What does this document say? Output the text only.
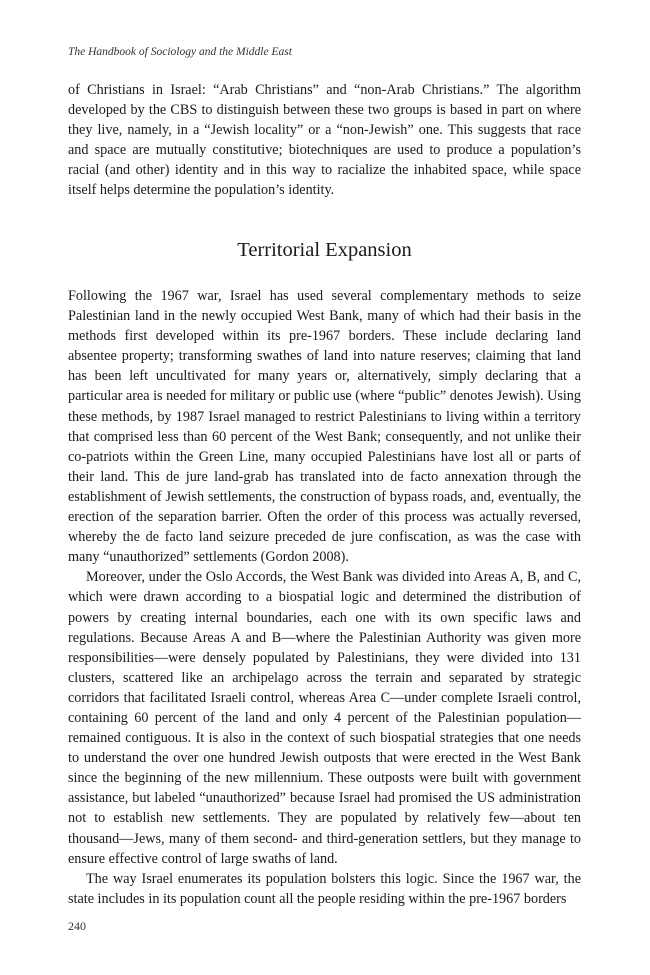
The Handbook of Sociology and the Middle East

of Christians in Israel: “Arab Christians” and “non-Arab Christians.” The algorithm developed by the CBS to distinguish between these two groups is based in part on where they live, namely, in a “Jewish locality” or a “non-Jewish” one. This suggests that race and space are mutually constitutive; biotechniques are used to produce a population’s racial (and other) identity and in this way to racialize the inhabited space, while space itself helps determine the population’s identity.

Territorial Expansion

Following the 1967 war, Israel has used several complementary methods to seize Palestinian land in the newly occupied West Bank, many of which had their basis in the methods first developed within its pre-1967 borders. These include declaring land absentee property; transforming swathes of land into nature reserves; claiming that land has been left uncultivated for many years or, alternatively, simply declaring that a particular area is needed for military or public use (where “public” denotes Jewish). Using these methods, by 1987 Israel managed to restrict Palestinians to living within a territory that comprised less than 60 percent of the West Bank; consequently, and not unlike their co-patriots within the Green Line, many occupied Palestinians have lost all or parts of their land. This de jure land-grab has translated into de facto annexation through the establishment of Jewish settlements, the construction of bypass roads, and, eventually, the erection of the separation barrier. Often the order of this process was actually reversed, whereby the de facto land seizure preceded de jure confiscation, as was the case with many “unauthorized” settlements (Gordon 2008).

Moreover, under the Oslo Accords, the West Bank was divided into Areas A, B, and C, which were drawn according to a biospatial logic and determined the distribution of powers by creating internal boundaries, each one with its own specific laws and regulations. Because Areas A and B—where the Palestinian Authority was given more responsibilities—were densely populated by Palestinians, they were divided into 131 clusters, scattered like an archipelago across the terrain and separated by strategic corridors that facilitated Israeli control, whereas Area C—under complete Israeli control, containing 60 percent of the land and only 4 percent of the Palestinian population—remained contiguous. It is also in the context of such biospatial strategies that one needs to understand the over one hundred Jewish outposts that were erected in the West Bank since the beginning of the new millennium. These outposts were built with government assistance, but labeled “unauthorized” because Israel had promised the US administration not to establish new settlements. They are populated by relatively few—about ten thousand—Jews, many of them second- and third-generation settlers, but they manage to ensure effective control of large swaths of land.

The way Israel enumerates its population bolsters this logic. Since the 1967 war, the state includes in its population count all the people residing within the pre-1967 borders

240
